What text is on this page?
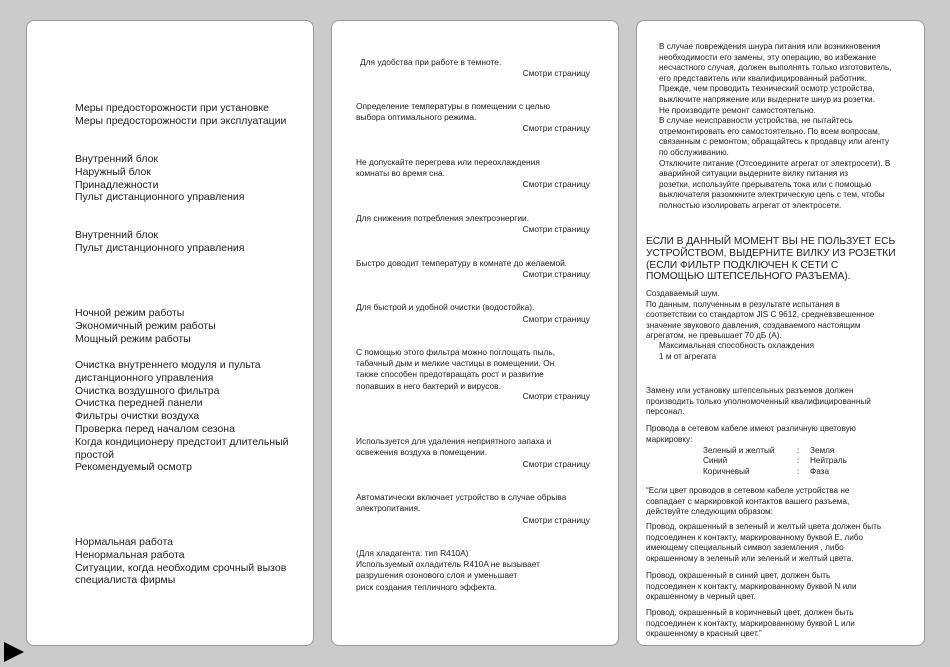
Меры предосторожности при установке
Меры предосторожности при эксплуатации
Внутренний блок
Наружный блок
Принадлежности
Пульт дистанционного управления
Внутренний блок
Пульт дистанционного управления
Ночной режим работы
Экономичный режим работы
Мощный режим работы
Очистка внутреннего модуля и пульта
дистанционного управления
Очистка воздушного фильтра
Очистка передней панели
Фильтры очистки воздуха
Проверка перед началом сезона
Когда кондиционеру предстоит длительный
простой
Рекомендуемый осмотр
Нормальная работа
Ненормальная работа
Ситуации, когда необходим срочный вызов
специалиста фирмы
Для удобства при работе в темноте.
Смотри страницу
Определение температуры в помещении с целью
выбора оптимального режима.
Смотри страницу
Не допускайте перегрева или переохлаждения
комнаты во время сна.
Смотри страницу
Для снижения потребления электроэнергии.
Смотри страницу
Быстро доводит температуру в комнате до желаемой.
Смотри страницу
Для быстрой и удобной очистки (водостойка).
Смотри страницу
С помощью этого фильтра можно поглощать пыль,
табачный дым и мелкие частицы в помещении. Он
также способен предотвращать рост и развитие
попавших в него бактерий и вирусов.
Смотри страницу
Используется для удаления неприятного запаха и
освежения воздуха в помещении.
Смотри страницу
Автоматически включает устройство в случае обрыва
электропитания.
Смотри страницу
(Для хладагента: тип R410A)
Используемый охладитель R410A не вызывает
разрушения озонового слоя и уменьшает
риск создания тепличного эффекта.
В случае повреждения шнура питания или возникновения
необходимости его замены, эту операцию, во избежание
несчастного случая, должен выполнять только изготовитель,
его представитель или квалифицированный работник.
Прежде, чем проводить технический осмотр устройства,
выключите напряжение или выдерните шнур из розетки.
Не производите ремонт самостоятельно.
В случае неисправности устройства, не пытайтесь
отремонтировать его самостоятельно. По всем вопросам,
связанным с ремонтом, обращайтесь к продавцу или агенту
по обслуживанию.
Отключите питание (Отсоедините агрегат от электросети). В
аварийной ситуации выдерните вилку питания из
розетки, используйте прерыватель тока или с помощью
выключателя разомкните электрическую цепь с тем, чтобы
полностью изолировать агрегат от электросети.
ЕСЛИ В ДАННЫЙ МОМЕНТ ВЫ НЕ ПОЛЬЗУЕТ ЕСЬ
УСТРОЙСТВОМ, ВЫДЕРНИТЕ ВИЛКУ ИЗ РОЗЕТКИ
(ЕСЛИ ФИЛЬТР ПОДКЛЮЧЕН К СЕТИ С
ПОМОЩЬЮ ШТЕПСЕЛЬНОГО РАЗЪЕМА).
Создаваемый шум.
По данным, полученным в результате испытания в
соответствии со стандартом JIS C 9612, средневзвешенное
значение звукового давления, создаваемого настоящим
агрегатом, не превышает 70 дБ (А).
Максимальная способность охлаждения
1 м от агрегата
Замену или установку штепсельных разъемов должен
производить только уполномоченный квалифицированный
персонал.
Провода в сетевом кабеле имеют различную цветовую
маркировку:
Зеленый и желтый	: Земля
Синий	: Нейтраль
Коричневый	: Фаза
“Если цвет проводов в сетевом кабеле устройства не
совпадает с маркировкой контактов вашего разъема,
действуйте следующим образом:
Провод, окрашенный в зеленый и желтый цвета должен быть
подсоединен к контакту, маркированному буквой E, либо
имеющему специальный символ заземления , либо
окрашенному в зеленый или зеленый и желтый цвета.
Провод, окрашенный в синий цвет, должен быть
подсоединен к контакту, маркированному буквой N или
окрашенному в черный цвет.
Провод, окрашенный в коричневый цвет, должен быть
подсоединен к контакту, маркированному буквой L или
окрашенному в красный цвет.”
